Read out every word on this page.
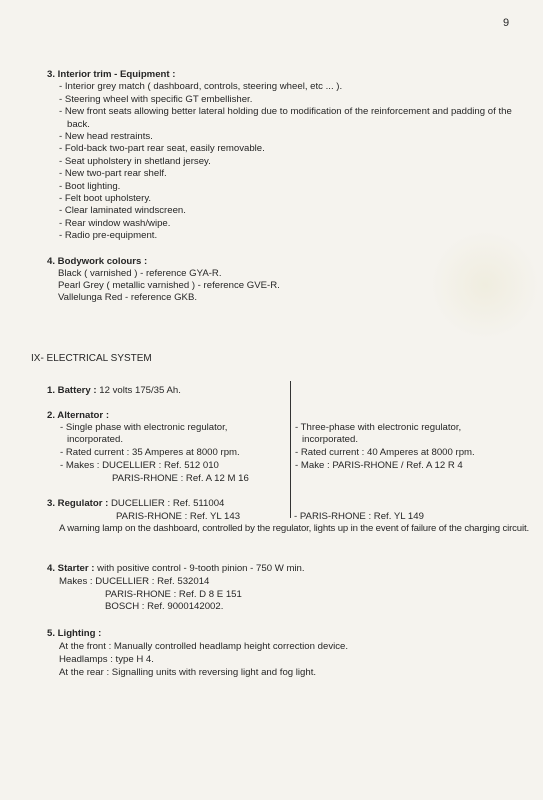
9
3. Interior trim - Equipment :
- Interior grey match ( dashboard, controls, steering wheel, etc ... ).
- Steering wheel with specific GT embellisher.
- New front seats allowing better lateral holding due to modification of the reinforcement and padding of the back.
- New head restraints.
- Fold-back two-part rear seat, easily removable.
- Seat upholstery in shetland jersey.
- New two-part rear shelf.
- Boot lighting.
- Felt boot upholstery.
- Clear laminated windscreen.
- Rear window wash/wipe.
- Radio pre-equipment.
4. Bodywork colours :
Black ( varnished ) - reference GYA-R.
Pearl Grey ( metallic varnished ) - reference GVE-R.
Vallelunga Red - reference GKB.
IX- ELECTRICAL SYSTEM
1. Battery : 12 volts 175/35 Ah.
2. Alternator :
- Single phase with electronic regulator,
incorporated.
- Rated current : 35 Amperes at 8000 rpm.
- Makes : DUCELLIER : Ref. 512 010
PARIS-RHONE : Ref. A 12 M 16
- Three-phase with electronic regulator,
incorporated.
- Rated current : 40 Amperes at 8000 rpm.
- Make : PARIS-RHONE / Ref. A 12 R 4
3. Regulator : DUCELLIER : Ref. 511004
PARIS-RHONE : Ref. YL 143	- PARIS-RHONE : Ref. YL 149
A warning lamp on the dashboard, controlled by the regulator, lights up in the event of failure of the charging circuit.
4. Starter : with positive control - 9-tooth pinion - 750 W min.
Makes : DUCELLIER : Ref. 532014
PARIS-RHONE : Ref. D 8 E 151
BOSCH : Ref. 9000142002.
5. Lighting :
At the front : Manually controlled headlamp height correction device.
Headlamps : type H 4.
At the rear : Signalling units with reversing light and fog light.
